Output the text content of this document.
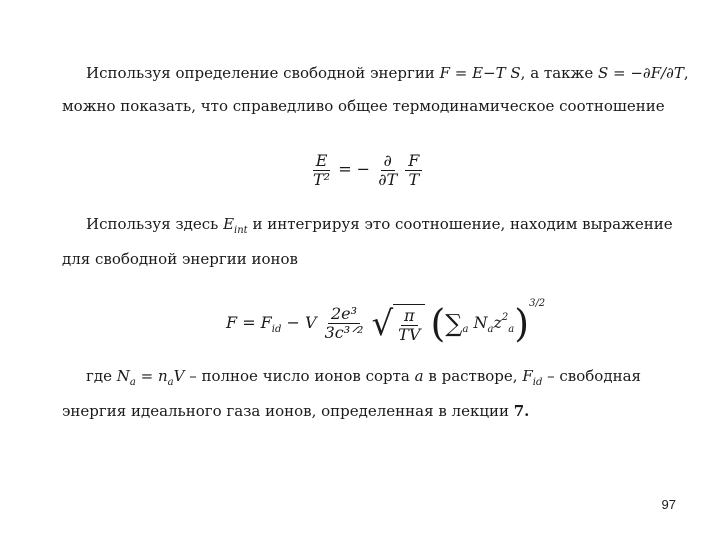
Используя определение свободной энергии F = E−T S, а также S = −∂F/∂T,
можно показать, что справедливо общее термодинамическое соотношение
$\frac{E}{\text{T²}}$ = − $\frac{\partial}{\partial T}$
$\frac{F}{T}$
Используя здесь $E_{int}$ и интегрируя это соотношение, находим выражение
для свободной энергии ионов
$F = F_{id} - V \frac{\text{2e³}}{\text{3c³ᐟ²}}$
√ $\frac{\pi}{TV} (\sum_a$ $N_az^2_a)^{3/2}$
где $N_a = n_aV$ – полное число ионов сорта a в растворе, $F_{id}$ – свободная
энергия идеального газа ионов, определенная в лекции 7.
97
